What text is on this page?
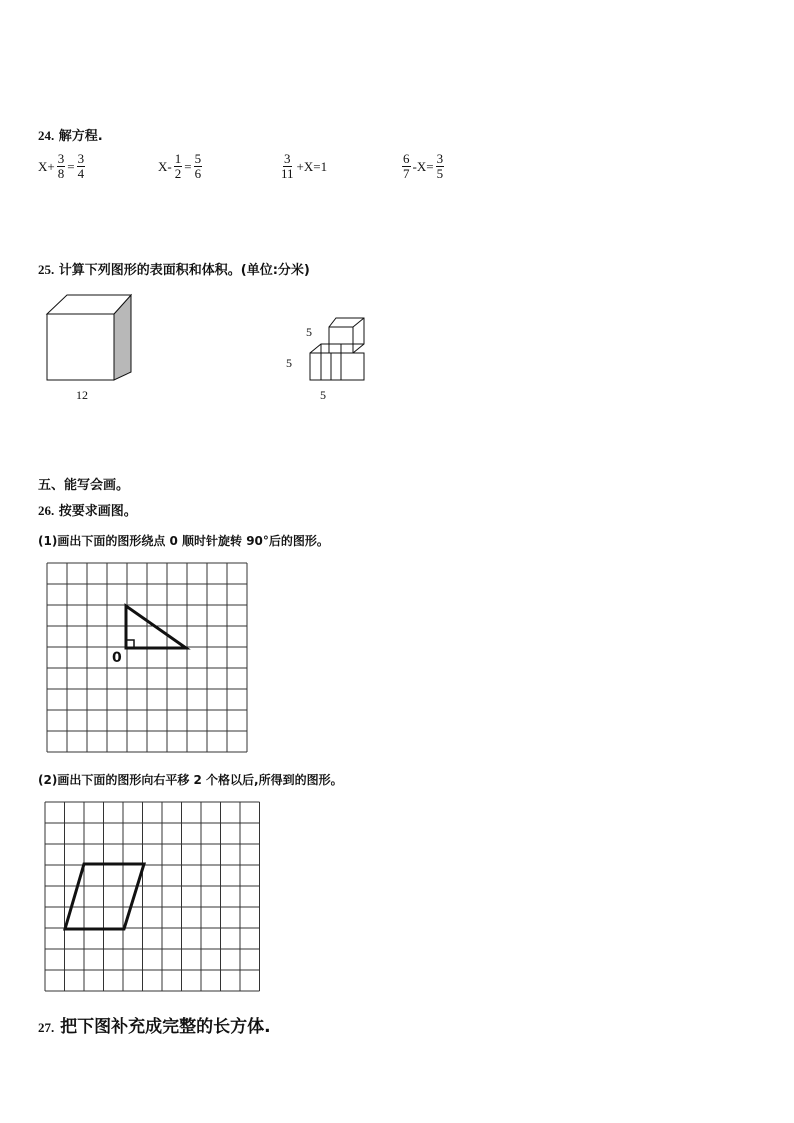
24. 解方程.
$X+ \frac{3}{8} = \frac{3}{4}$	$X- \frac{1}{2} = \frac{5}{6}$	$\frac{3}{11} +X=1$	$\frac{6}{7} -X= \frac{3}{5}$
25. 计算下列图形的表面积和体积。(单位:分米)
12
5
5
5
五、能写会画。
26. 按要求画图。
(1)画出下面的图形绕点 0 顺时针旋转 90°后的图形。
0
(2)画出下面的图形向右平移 2 个格以后,所得到的图形。
27. 把下图补充成完整的长方体.
